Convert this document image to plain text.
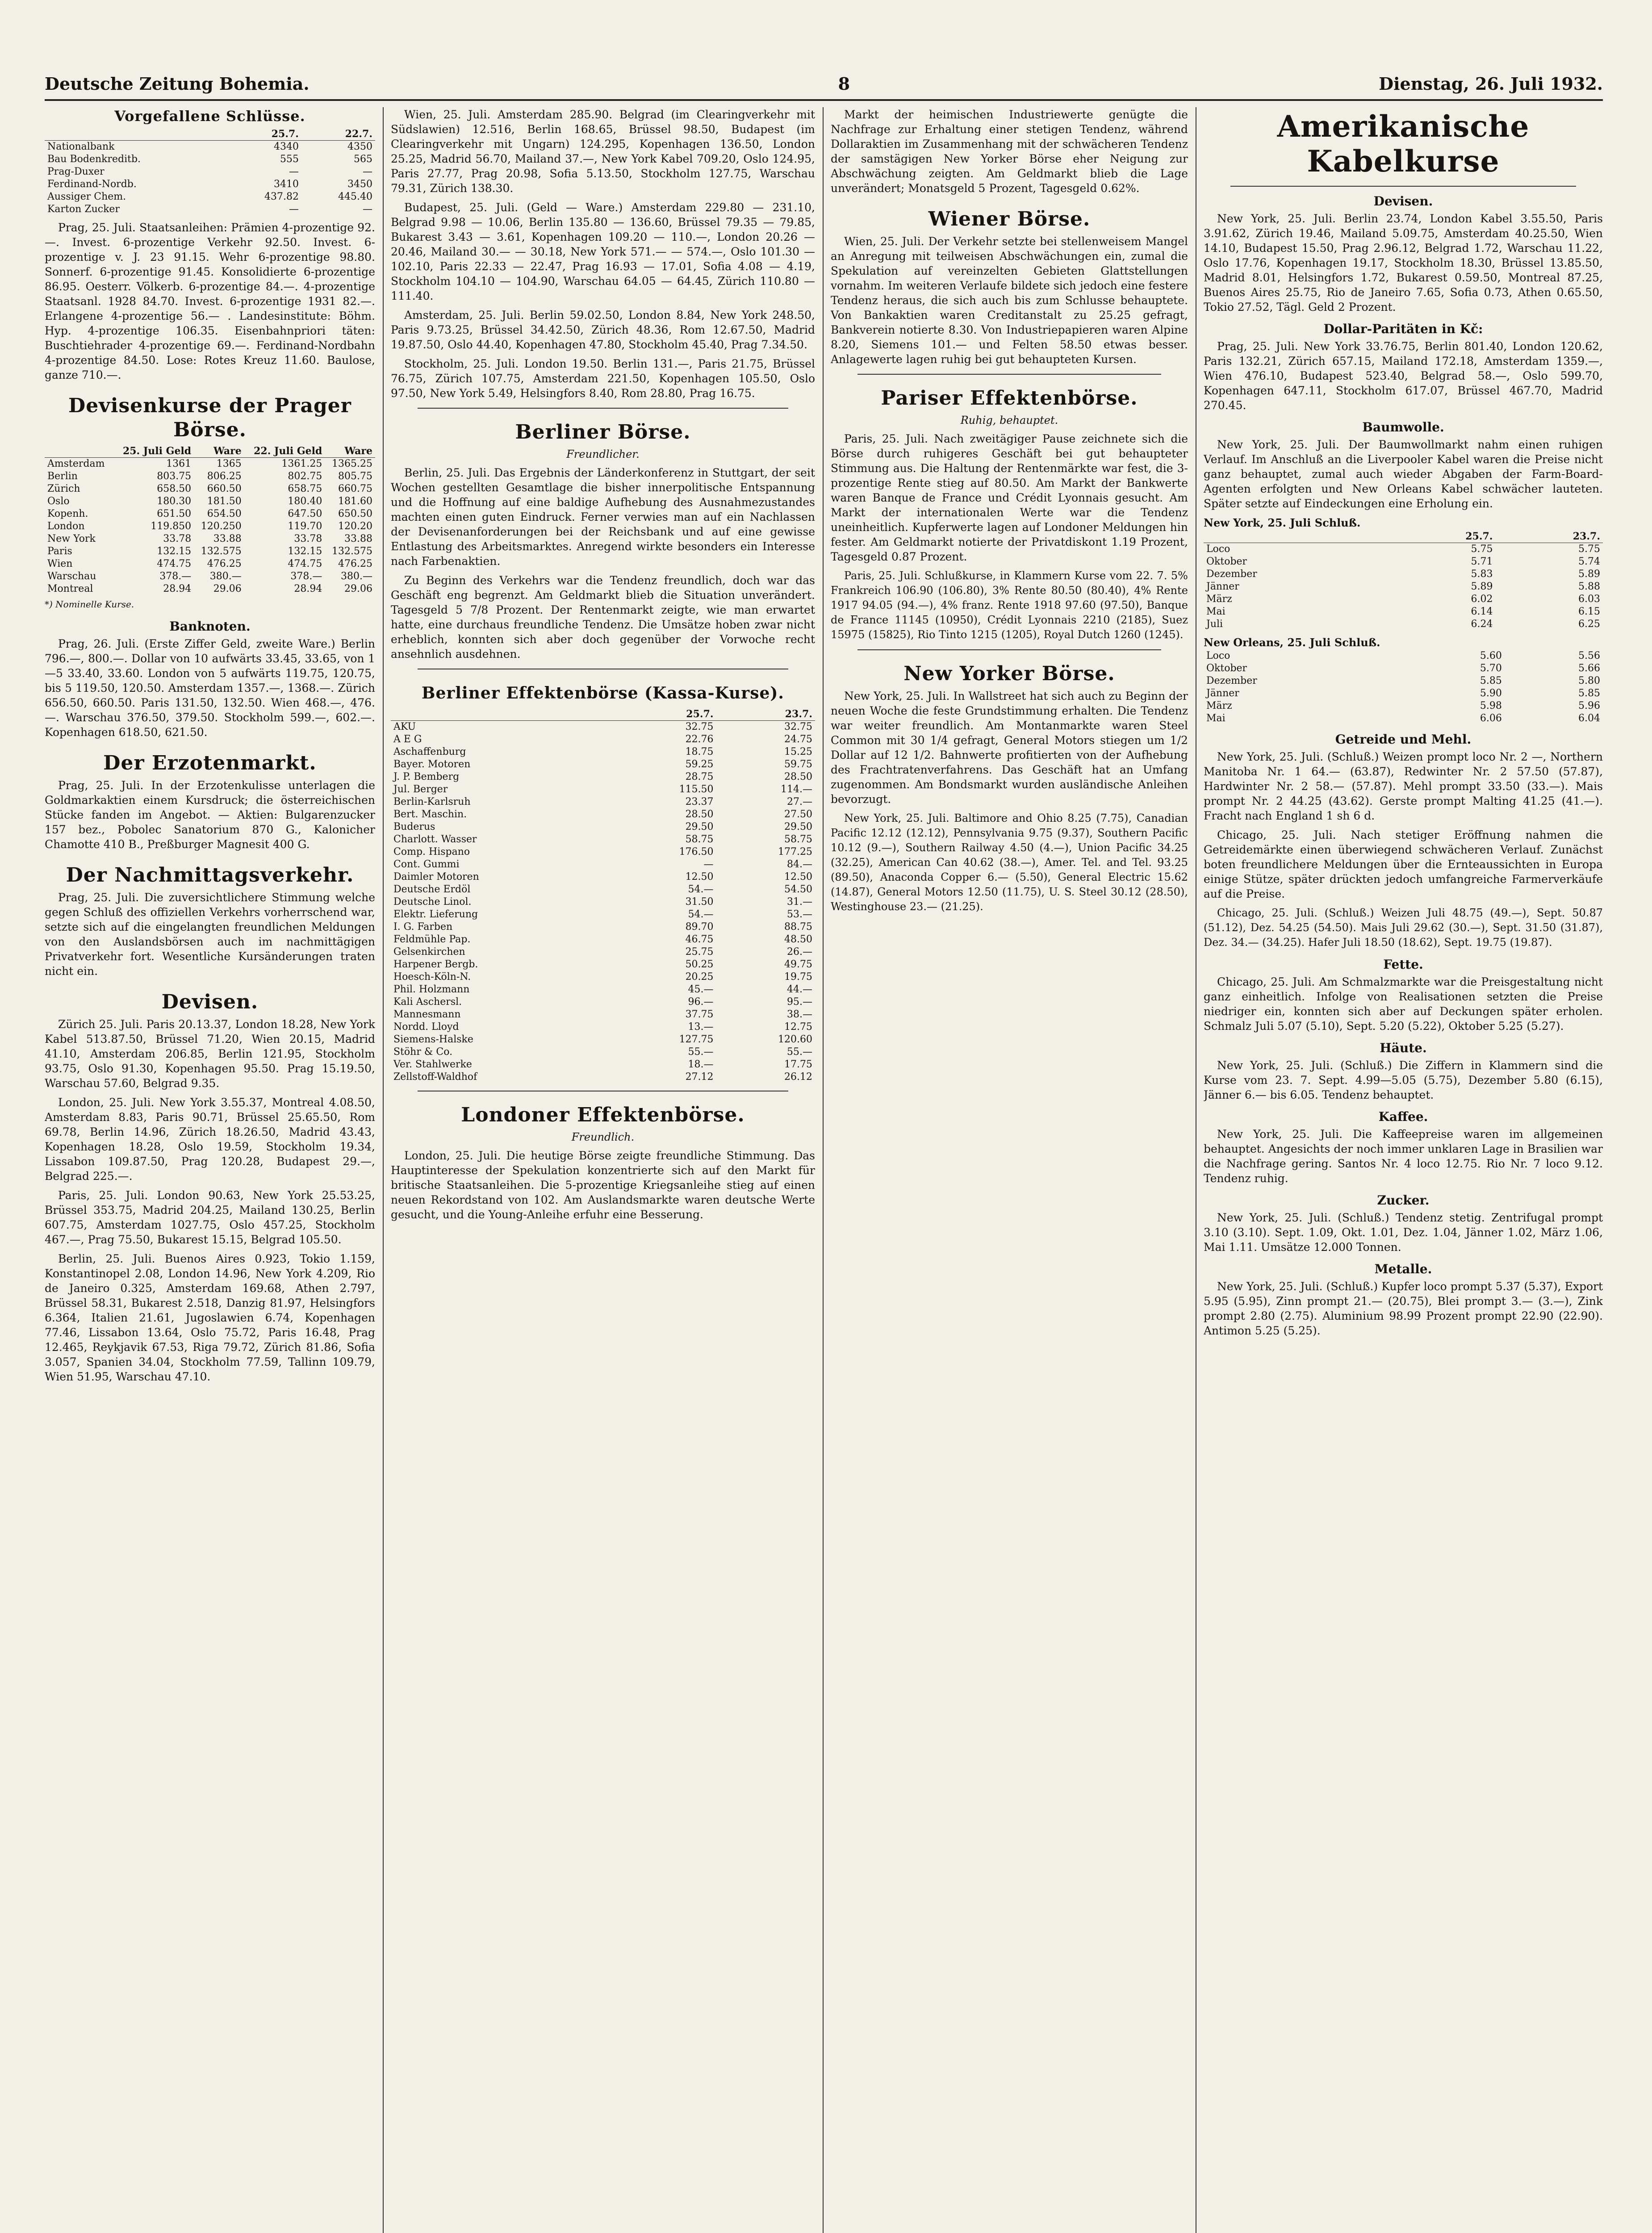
Deutsche Zeitung Bohemia.	8	Dienstag, 26. Juli 1932.
Vorgefallene Schlüsse.
	25.7.	22.7.
Nationalbank	4340	4350
Bau Bodenkreditb.	555	565
Prag-Duxer	—	—
Ferdinand-Nordb.	3410	3450
Aussiger Chem.	437.82	445.40
Karton Zucker	—	—

Prag, 25. Juli. Staatsanleihen: Prämien 4-prozentige 92.—. Invest. 6-prozentige Verkehr 92.50. Invest. 6-prozentige v. J. 23 91.15. Wehr 6-prozentige 98.80. Sonnerf. 6-prozentige 91.45. Konsolidierte 6-prozentige 86.95. Oesterr. Völkerb. 6-prozentige 84.—. 4-prozentige Staatsanl. 1928 84.70. Invest. 6-prozentige 1931 82.—. Erlangene 4-prozentige 56.— . Landesinstitute: Böhm. Hyp. 4-prozentige 106.35. Eisenbahnpriori täten: Buschtiehrader 4-prozentige 69.—. Ferdinand-Nordbahn 4-prozentige 84.50. Lose: Rotes Kreuz 11.60. Baulose, ganze 710.—.

Devisenkurse der Prager Börse.
	25. Juli Geld	Ware	22. Juli Geld	Ware
Amsterdam	1361	1365	1361.25	1365.25
Berlin	803.75	806.25	802.75	805.75
Zürich	658.50	660.50	658.75	660.75
Oslo	180.30	181.50	180.40	181.60
Kopenh.	651.50	654.50	647.50	650.50
London	119.850	120.250	119.70	120.20
New York	33.78	33.88	33.78	33.88
Paris	132.15	132.575	132.15	132.575
Wien	474.75	476.25	474.75	476.25
Warschau	378.—	380.—	378.—	380.—
Montreal	28.94	29.06	28.94	29.06
*) Nominelle Kurse.
Banknoten.

Prag, 26. Juli. (Erste Ziffer Geld, zweite Ware.) Berlin 796.—, 800.—. Dollar von 10 aufwärts 33.45, 33.65, von 1—5 33.40, 33.60. London von 5 aufwärts 119.75, 120.75, bis 5 119.50, 120.50. Amsterdam 1357.—, 1368.—. Zürich 656.50, 660.50. Paris 131.50, 132.50. Wien 468.—, 476.—. Warschau 376.50, 379.50. Stockholm 599.—, 602.—. Kopenhagen 618.50, 621.50.

Der Erzotenmarkt.

Prag, 25. Juli. In der Erzotenkulisse unterlagen die Goldmarkaktien einem Kursdruck; die österreichischen Stücke fanden im Angebot. — Aktien: Bulgarenzucker 157 bez., Pobolec Sanatorium 870 G., Kalonicher Chamotte 410 B., Preßburger Magnesit 400 G.

Der Nachmittagsverkehr.

Prag, 25. Juli. Die zuversichtlichere Stimmung welche gegen Schluß des offiziellen Verkehrs vorherrschend war, setzte sich auf die eingelangten freundlichen Meldungen von den Auslandsbörsen auch im nachmittägigen Privatverkehr fort. Wesentliche Kursänderungen traten nicht ein.

Devisen.

Zürich 25. Juli. Paris 20.13.37, London 18.28, New York Kabel 513.87.50, Brüssel 71.20, Wien 20.15, Madrid 41.10, Amsterdam 206.85, Berlin 121.95, Stockholm 93.75, Oslo 91.30, Kopenhagen 95.50. Prag 15.19.50, Warschau 57.60, Belgrad 9.35.

London, 25. Juli. New York 3.55.37, Montreal 4.08.50, Amsterdam 8.83, Paris 90.71, Brüssel 25.65.50, Rom 69.78, Berlin 14.96, Zürich 18.26.50, Madrid 43.43, Kopenhagen 18.28, Oslo 19.59, Stockholm 19.34, Lissabon 109.87.50, Prag 120.28, Budapest 29.—, Belgrad 225.—.

Paris, 25. Juli. London 90.63, New York 25.53.25, Brüssel 353.75, Madrid 204.25, Mailand 130.25, Berlin 607.75, Amsterdam 1027.75, Oslo 457.25, Stockholm 467.—, Prag 75.50, Bukarest 15.15, Belgrad 105.50.

Berlin, 25. Juli. Buenos Aires 0.923, Tokio 1.159, Konstantinopel 2.08, London 14.96, New York 4.209, Rio de Janeiro 0.325, Amsterdam 169.68, Athen 2.797, Brüssel 58.31, Bukarest 2.518, Danzig 81.97, Helsingfors 6.364, Italien 21.61, Jugoslawien 6.74, Kopenhagen 77.46, Lissabon 13.64, Oslo 75.72, Paris 16.48, Prag 12.465, Reykjavik 67.53, Riga 79.72, Zürich 81.86, Sofia 3.057, Spanien 34.04, Stockholm 77.59, Tallinn 109.79, Wien 51.95, Warschau 47.10.

Wien, 25. Juli. Amsterdam 285.90. Belgrad (im Clearingverkehr mit Südslawien) 12.516, Berlin 168.65, Brüssel 98.50, Budapest (im Clearingverkehr mit Ungarn) 124.295, Kopenhagen 136.50, London 25.25, Madrid 56.70, Mailand 37.—, New York Kabel 709.20, Oslo 124.95, Paris 27.77, Prag 20.98, Sofia 5.13.50, Stockholm 127.75, Warschau 79.31, Zürich 138.30.

Budapest, 25. Juli. (Geld — Ware.) Amsterdam 229.80 — 231.10, Belgrad 9.98 — 10.06, Berlin 135.80 — 136.60, Brüssel 79.35 — 79.85, Bukarest 3.43 — 3.61, Kopenhagen 109.20 — 110.—, London 20.26 — 20.46, Mailand 30.— — 30.18, New York 571.— — 574.—, Oslo 101.30 — 102.10, Paris 22.33 — 22.47, Prag 16.93 — 17.01, Sofia 4.08 — 4.19, Stockholm 104.10 — 104.90, Warschau 64.05 — 64.45, Zürich 110.80 — 111.40.

Amsterdam, 25. Juli. Berlin 59.02.50, London 8.84, New York 248.50, Paris 9.73.25, Brüssel 34.42.50, Zürich 48.36, Rom 12.67.50, Madrid 19.87.50, Oslo 44.40, Kopenhagen 47.80, Stockholm 45.40, Prag 7.34.50.

Stockholm, 25. Juli. London 19.50. Berlin 131.—, Paris 21.75, Brüssel 76.75, Zürich 107.75, Amsterdam 221.50, Kopenhagen 105.50, Oslo 97.50, New York 5.49, Helsingfors 8.40, Rom 28.80, Prag 16.75.

Berliner Börse.
Freundlicher.

Berlin, 25. Juli. Das Ergebnis der Länderkonferenz in Stuttgart, der seit Wochen gestellten Gesamtlage die bisher innerpolitische Entspannung und die Hoffnung auf eine baldige Aufhebung des Ausnahmezustandes machten einen guten Eindruck. Ferner verwies man auf ein Nachlassen der Devisenanforderungen bei der Reichsbank und auf eine gewisse Entlastung des Arbeitsmarktes. Anregend wirkte besonders ein Interesse nach Farbenaktien.

Zu Beginn des Verkehrs war die Tendenz freundlich, doch war das Geschäft eng begrenzt. Am Geldmarkt blieb die Situation unverändert. Tagesgeld 5 7/8 Prozent. Der Rentenmarkt zeigte, wie man erwartet hatte, eine durchaus freundliche Tendenz. Die Umsätze hoben zwar nicht erheblich, konnten sich aber doch gegenüber der Vorwoche recht ansehnlich ausdehnen.

Berliner Effektenbörse (Kassa-Kurse).
	25.7.	23.7.
AKU	32.75	32.75
A E G	22.76	24.75
Aschaffenburg	18.75	15.25
Bayer. Motoren	59.25	59.75
J. P. Bemberg	28.75	28.50
Jul. Berger	115.50	114.—
Berlin-Karlsruh	23.37	27.—
Bert. Maschin.	28.50	27.50
Buderus	29.50	29.50
Charlott. Wasser	58.75	58.75
Comp. Hispano	176.50	177.25
Cont. Gummi	—	84.—
Daimler Motoren	12.50	12.50
Deutsche Erdöl	54.—	54.50
Deutsche Linol.	31.50	31.—
Elektr. Lieferung	54.—	53.—
I. G. Farben	89.70	88.75
Feldmühle Pap.	46.75	48.50
Gelsenkirchen	25.75	26.—
Harpener Bergb.	50.25	49.75
Hoesch-Köln-N.	20.25	19.75
Phil. Holzmann	45.—	44.—
Kali Aschersl.	96.—	95.—
Mannesmann	37.75	38.—
Nordd. Lloyd	13.—	12.75
Siemens-Halske	127.75	120.60
Stöhr & Co.	55.—	55.—
Ver. Stahlwerke	18.—	17.75
Zellstoff-Waldhof	27.12	26.12
Londoner Effektenbörse.
Freundlich.

London, 25. Juli. Die heutige Börse zeigte freundliche Stimmung. Das Hauptinteresse der Spekulation konzentrierte sich auf den Markt für britische Staatsanleihen. Die 5-prozentige Kriegsanleihe stieg auf einen neuen Rekordstand von 102. Am Auslandsmarkte waren deutsche Werte gesucht, und die Young-Anleihe erfuhr eine Besserung.

Markt der heimischen Industriewerte genügte die Nachfrage zur Erhaltung einer stetigen Tendenz, während Dollaraktien im Zusammenhang mit der schwächeren Tendenz der samstägigen New Yorker Börse eher Neigung zur Abschwächung zeigten. Am Geldmarkt blieb die Lage unverändert; Monatsgeld 5 Prozent, Tagesgeld 0.62%.

Wiener Börse.

Wien, 25. Juli. Der Verkehr setzte bei stellenweisem Mangel an Anregung mit teilweisen Abschwächungen ein, zumal die Spekulation auf vereinzelten Gebieten Glattstellungen vornahm. Im weiteren Verlaufe bildete sich jedoch eine festere Tendenz heraus, die sich auch bis zum Schlusse behauptete. Von Bankaktien waren Creditanstalt zu 25.25 gefragt, Bankverein notierte 8.30. Von Industriepapieren waren Alpine 8.20, Siemens 101.— und Felten 58.50 etwas besser. Anlagewerte lagen ruhig bei gut behaupteten Kursen.

Pariser Effektenbörse.
Ruhig, behauptet.

Paris, 25. Juli. Nach zweitägiger Pause zeichnete sich die Börse durch ruhigeres Geschäft bei gut behaupteter Stimmung aus. Die Haltung der Rentenmärkte war fest, die 3-prozentige Rente stieg auf 80.50. Am Markt der Bankwerte waren Banque de France und Crédit Lyonnais gesucht. Am Markt der internationalen Werte war die Tendenz uneinheitlich. Kupferwerte lagen auf Londoner Meldungen hin fester. Am Geldmarkt notierte der Privatdiskont 1.19 Prozent, Tagesgeld 0.87 Prozent.

Paris, 25. Juli. Schlußkurse, in Klammern Kurse vom 22. 7. 5% Frankreich 106.90 (106.80), 3% Rente 80.50 (80.40), 4% Rente 1917 94.05 (94.—), 4% franz. Rente 1918 97.60 (97.50), Banque de France 11145 (10950), Crédit Lyonnais 2210 (2185), Suez 15975 (15825), Rio Tinto 1215 (1205), Royal Dutch 1260 (1245).

New Yorker Börse.

New York, 25. Juli. In Wallstreet hat sich auch zu Beginn der neuen Woche die feste Grundstimmung erhalten. Die Tendenz war weiter freundlich. Am Montanmarkte waren Steel Common mit 30 1/4 gefragt, General Motors stiegen um 1/2 Dollar auf 12 1/2. Bahnwerte profitierten von der Aufhebung des Frachtratenverfahrens. Das Geschäft hat an Umfang zugenommen. Am Bondsmarkt wurden ausländische Anleihen bevorzugt.

New York, 25. Juli. Baltimore and Ohio 8.25 (7.75), Canadian Pacific 12.12 (12.12), Pennsylvania 9.75 (9.37), Southern Pacific 10.12 (9.—), Southern Railway 4.50 (4.—), Union Pacific 34.25 (32.25), American Can 40.62 (38.—), Amer. Tel. and Tel. 93.25 (89.50), Anaconda Copper 6.— (5.50), General Electric 15.62 (14.87), General Motors 12.50 (11.75), U. S. Steel 30.12 (28.50), Westinghouse 23.— (21.25).

Amerikanische Kabelkurse
Devisen.

New York, 25. Juli. Berlin 23.74, London Kabel 3.55.50, Paris 3.91.62, Zürich 19.46, Mailand 5.09.75, Amsterdam 40.25.50, Wien 14.10, Budapest 15.50, Prag 2.96.12, Belgrad 1.72, Warschau 11.22, Oslo 17.76, Kopenhagen 19.17, Stockholm 18.30, Brüssel 13.85.50, Madrid 8.01, Helsingfors 1.72, Bukarest 0.59.50, Montreal 87.25, Buenos Aires 25.75, Rio de Janeiro 7.65, Sofia 0.73, Athen 0.65.50, Tokio 27.52, Tägl. Geld 2 Prozent.

Dollar-Paritäten in Kč:

Prag, 25. Juli. New York 33.76.75, Berlin 801.40, London 120.62, Paris 132.21, Zürich 657.15, Mailand 172.18, Amsterdam 1359.—, Wien 476.10, Budapest 523.40, Belgrad 58.—, Oslo 599.70, Kopenhagen 647.11, Stockholm 617.07, Brüssel 467.70, Madrid 270.45.

Baumwolle.

New York, 25. Juli. Der Baumwollmarkt nahm einen ruhigen Verlauf. Im Anschluß an die Liverpooler Kabel waren die Preise nicht ganz behauptet, zumal auch wieder Abgaben der Farm-Board-Agenten erfolgten und New Orleans Kabel schwächer lauteten. Später setzte auf Eindeckungen eine Erholung ein.

New York, 25. Juli Schluß.
	25.7.	23.7.
Loco	5.75	5.75
Oktober	5.71	5.74
Dezember	5.83	5.89
Jänner	5.89	5.88
März	6.02	6.03
Mai	6.14	6.15
Juli	6.24	6.25
New Orleans, 25. Juli Schluß.
Loco	5.60	5.56
Oktober	5.70	5.66
Dezember	5.85	5.80
Jänner	5.90	5.85
März	5.98	5.96
Mai	6.06	6.04
Getreide und Mehl.

New York, 25. Juli. (Schluß.) Weizen prompt loco Nr. 2 —, Northern Manitoba Nr. 1 64.— (63.87), Redwinter Nr. 2 57.50 (57.87), Hardwinter Nr. 2 58.— (57.87). Mehl prompt 33.50 (33.—). Mais prompt Nr. 2 44.25 (43.62). Gerste prompt Malting 41.25 (41.—). Fracht nach England 1 sh 6 d.

Chicago, 25. Juli. Nach stetiger Eröffnung nahmen die Getreidemärkte einen überwiegend schwächeren Verlauf. Zunächst boten freundlichere Meldungen über die Ernteaussichten in Europa einige Stütze, später drückten jedoch umfangreiche Farmerverkäufe auf die Preise.

Chicago, 25. Juli. (Schluß.) Weizen Juli 48.75 (49.—), Sept. 50.87 (51.12), Dez. 54.25 (54.50). Mais Juli 29.62 (30.—), Sept. 31.50 (31.87), Dez. 34.— (34.25). Hafer Juli 18.50 (18.62), Sept. 19.75 (19.87).

Fette.

Chicago, 25. Juli. Am Schmalzmarkte war die Preisgestaltung nicht ganz einheitlich. Infolge von Realisationen setzten die Preise niedriger ein, konnten sich aber auf Deckungen später erholen. Schmalz Juli 5.07 (5.10), Sept. 5.20 (5.22), Oktober 5.25 (5.27).

Häute.

New York, 25. Juli. (Schluß.) Die Ziffern in Klammern sind die Kurse vom 23. 7. Sept. 4.99—5.05 (5.75), Dezember 5.80 (6.15), Jänner 6.— bis 6.05. Tendenz behauptet.

Kaffee.

New York, 25. Juli. Die Kaffeepreise waren im allgemeinen behauptet. Angesichts der noch immer unklaren Lage in Brasilien war die Nachfrage gering. Santos Nr. 4 loco 12.75. Rio Nr. 7 loco 9.12. Tendenz ruhig.

Zucker.

New York, 25. Juli. (Schluß.) Tendenz stetig. Zentrifugal prompt 3.10 (3.10). Sept. 1.09, Okt. 1.01, Dez. 1.04, Jänner 1.02, März 1.06, Mai 1.11. Umsätze 12.000 Tonnen.

Metalle.

New York, 25. Juli. (Schluß.) Kupfer loco prompt 5.37 (5.37), Export 5.95 (5.95), Zinn prompt 21.— (20.75), Blei prompt 3.— (3.—), Zink prompt 2.80 (2.75). Aluminium 98.99 Prozent prompt 22.90 (22.90). Antimon 5.25 (5.25).
